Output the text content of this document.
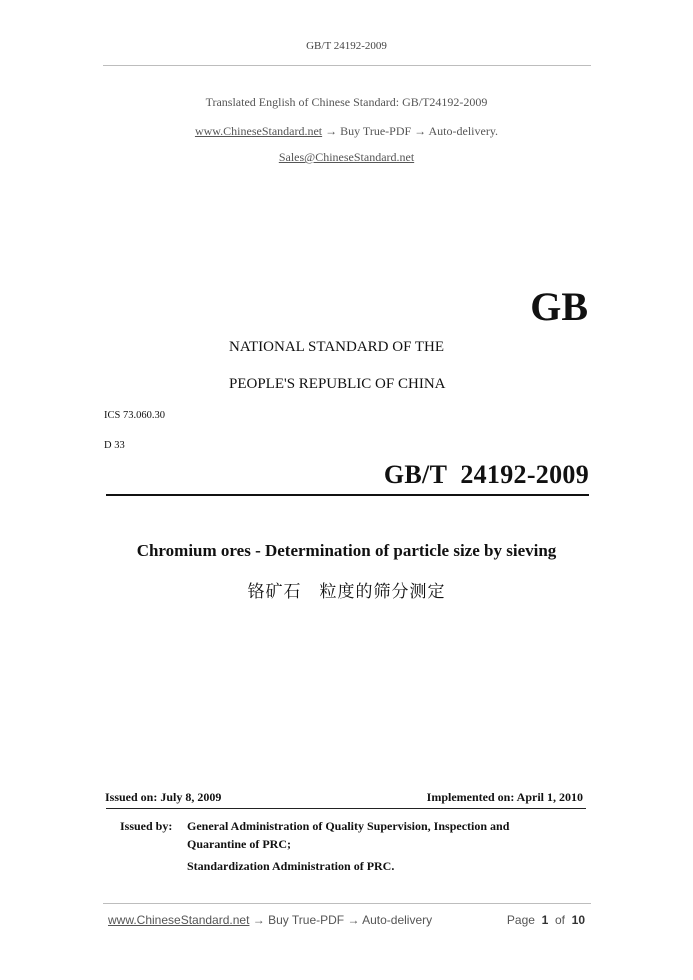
GB/T 24192-2009
Translated English of Chinese Standard: GB/T24192-2009
www.ChineseStandard.net → Buy True-PDF → Auto-delivery.
Sales@ChineseStandard.net
GB
NATIONAL STANDARD OF THE
PEOPLE'S REPUBLIC OF CHINA
ICS 73.060.30
D 33
GB/T  24192-2009
Chromium ores - Determination of particle size by sieving
铬矿石　粒度的筛分测定
Issued on: July 8, 2009	Implemented on: April 1, 2010
Issued by: General Administration of Quality Supervision, Inspection and
Quarantine of PRC;
Standardization Administration of PRC.
www.ChineseStandard.net → Buy True-PDF → Auto-delivery	Page 1 of 10
